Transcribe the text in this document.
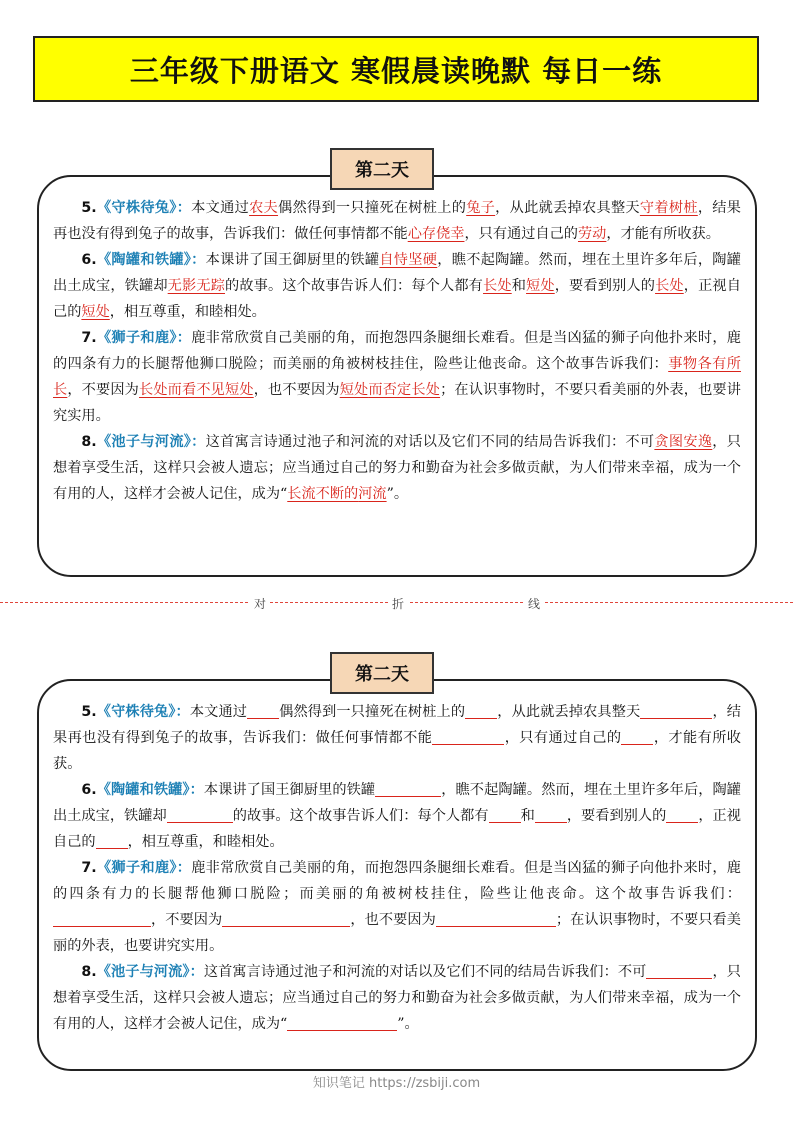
三年级下册语文 寒假晨读晚默 每日一练
第二天

5.《守株待兔》：本文通过农夫偶然得到一只撞死在树桩上的兔子，从此就丢掉农具整天守着树桩，结果再也没有得到兔子的故事，告诉我们：做任何事情都不能心存侥幸，只有通过自己的劳动，才能有所收获。

6.《陶罐和铁罐》：本课讲了国王御厨里的铁罐自恃坚硬，瞧不起陶罐。然而，埋在土里许多年后，陶罐出土成宝，铁罐却无影无踪的故事。这个故事告诉人们：每个人都有长处和短处，要看到别人的长处，正视自己的短处，相互尊重，和睦相处。

7.《狮子和鹿》：鹿非常欣赏自己美丽的角，而抱怨四条腿细长难看。但是当凶猛的狮子向他扑来时，鹿的四条有力的长腿帮他狮口脱险；而美丽的角被树枝挂住，险些让他丧命。这个故事告诉我们：事物各有所长，不要因为长处而看不见短处，也不要因为短处而否定长处；在认识事物时，不要只看美丽的外表，也要讲究实用。

8.《池子与河流》：这首寓言诗通过池子和河流的对话以及它们不同的结局告诉我们：不可贪图安逸，只想着享受生活，这样只会被人遗忘；应当通过自己的努力和勤奋为社会多做贡献，为人们带来幸福，成为一个有用的人，这样才会被人记住，成为“长流不断的河流”。

对	折	线
第二天

5.《守株待兔》：本文通过 偶然得到一只撞死在树桩上的 ，从此就丢掉农具整天	，结果再也没有得到兔子的故事，告诉我们：做任何事情都不能	，只有通过自己的 ，才能有所收获。

6.《陶罐和铁罐》：本课讲了国王御厨里的铁罐	，瞧不起陶罐。然而，埋在土里许多年后，陶罐出土成宝，铁罐却	的故事。这个故事告诉人们：每个人都有 和 ，要看到别人的 ，正视自己的 ，相互尊重，和睦相处。

7.《狮子和鹿》：鹿非常欣赏自己美丽的角，而抱怨四条腿细长难看。但是当凶猛的狮子向他扑来时，鹿的四条有力的长腿帮他狮口脱险；而美丽的角被树枝挂住，险些让他丧命。这个故事告诉我们：，不要因为	，也不要因为	；在认识事物时，不要只看美丽的外表，也要讲究实用。

8.《池子与河流》：这首寓言诗通过池子和河流的对话以及它们不同的结局告诉我们：不可	，只想着享受生活，这样只会被人遗忘；应当通过自己的努力和勤奋为社会多做贡献，为人们带来幸福，成为一个有用的人，这样才会被人记住，成为“	”。

知识笔记 https://zsbiji.com
